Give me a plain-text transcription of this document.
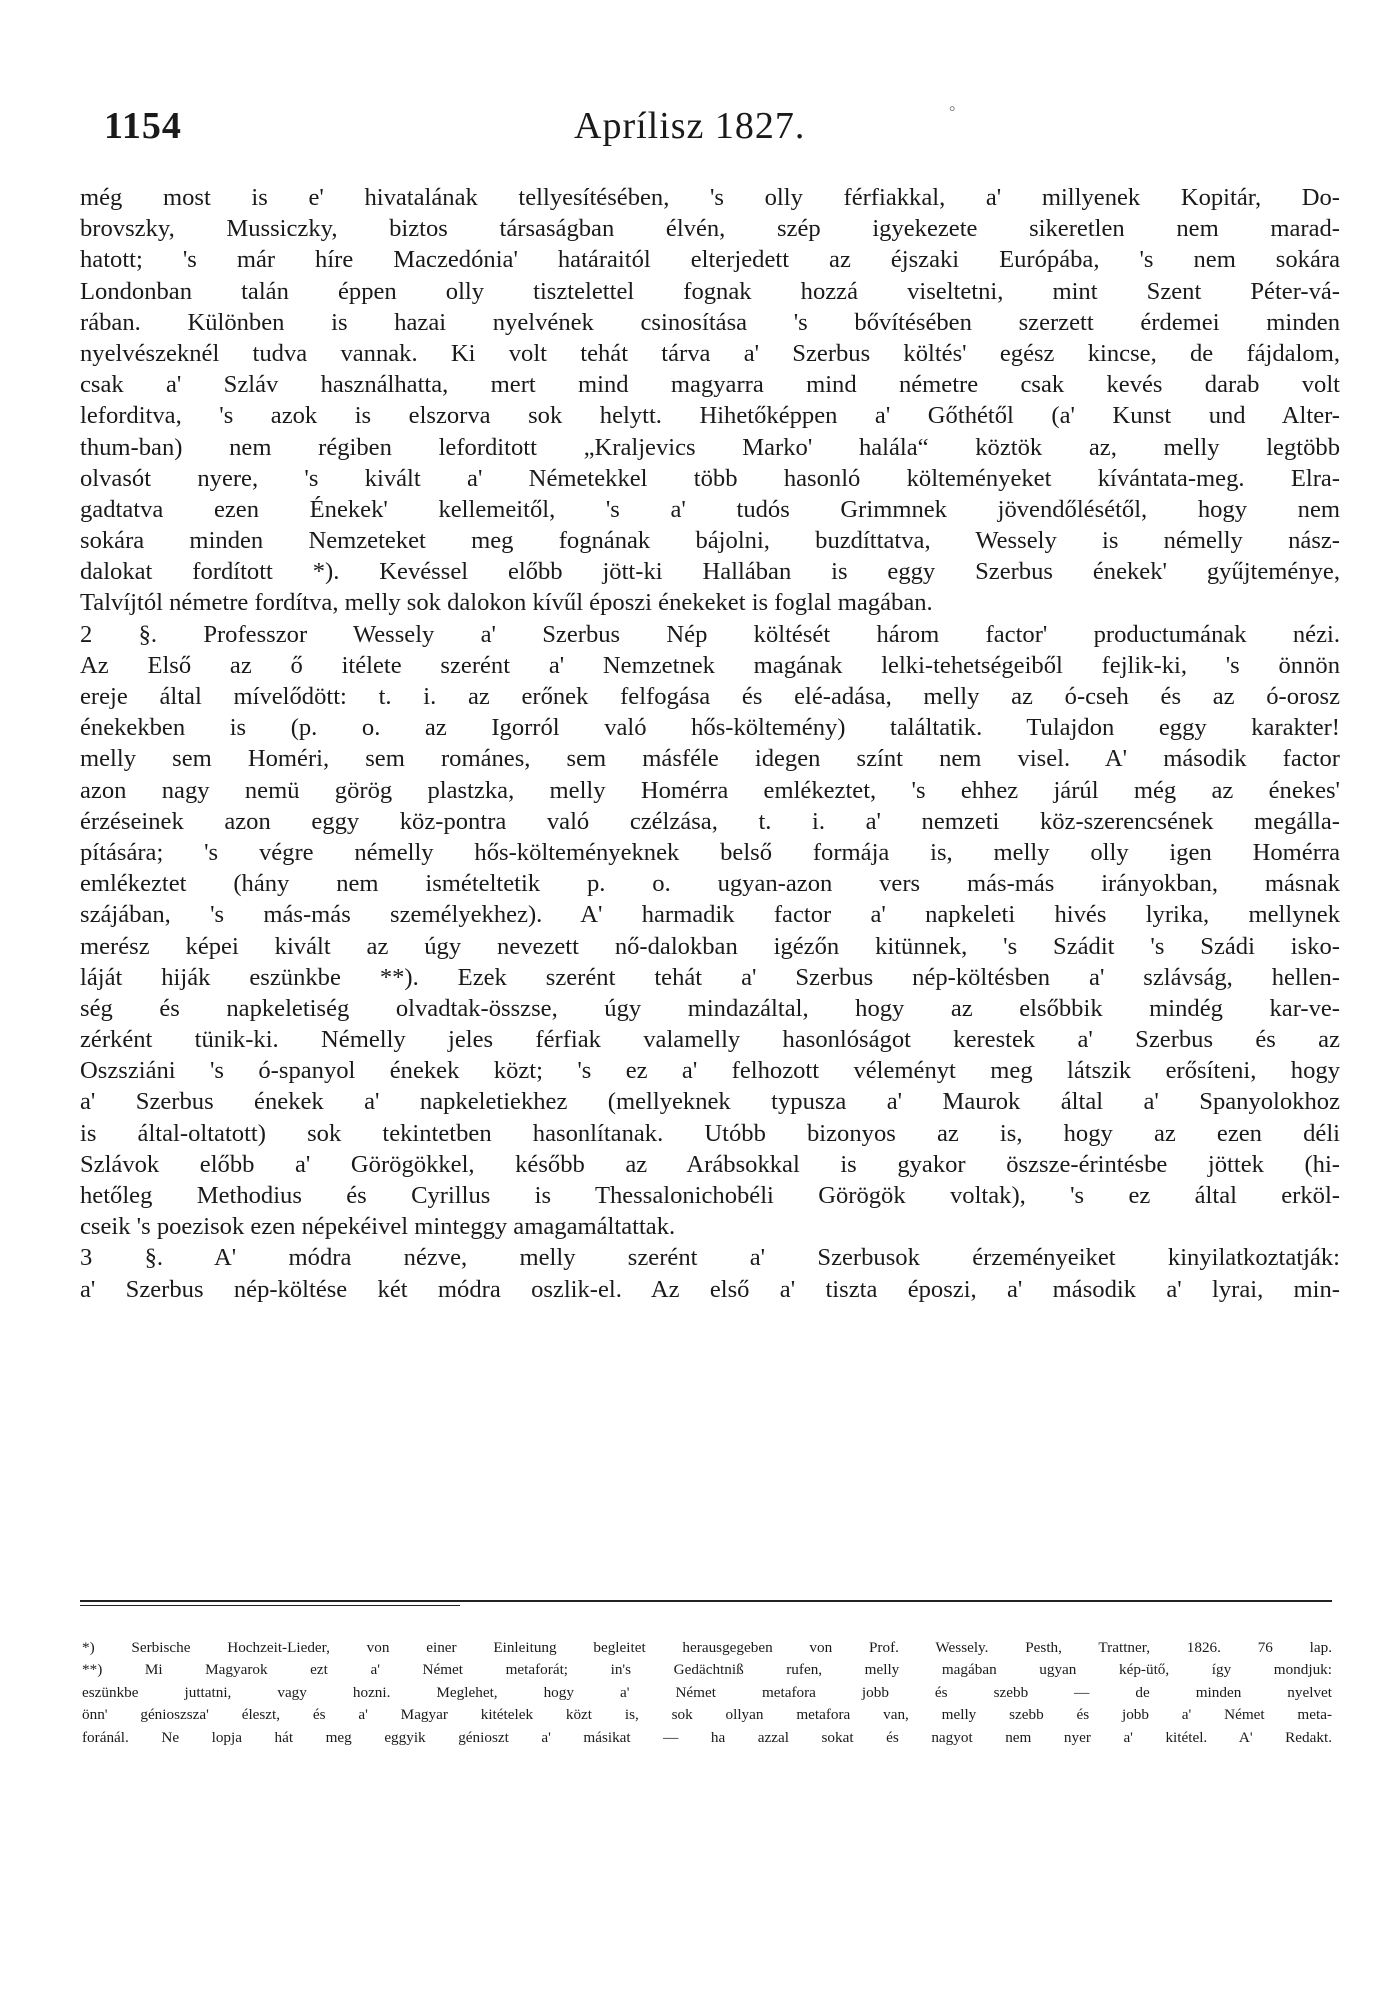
1154	Aprílisz 1827.	°
még most is e' hivatalának tellyesítésében, 's olly férfiakkal, a' millyenek Kopitár, Do-
brovszky, Mussiczky, biztos társaságban élvén, szép igyekezete sikeretlen nem marad-
hatott; 's már híre Maczedónia' határaitól elterjedett az éjszaki Európába, 's nem sokára
Londonban talán éppen olly tisztelettel fognak hozzá viseltetni, mint Szent Péter-vá-
rában. Különben is hazai nyelvének csinosítása 's bővítésében szerzett érdemei minden
nyelvészeknél tudva vannak. Ki volt tehát tárva a' Szerbus költés' egész kincse, de fájdalom,
csak a' Szláv használhatta, mert mind magyarra mind németre csak kevés darab volt
leforditva, 's azok is elszorva sok helytt. Hihetőképpen a' Gőthétől (a' Kunst und Alter-
thum-ban) nem régiben leforditott „Kraljevics Marko' halála“ köztök az, melly legtöbb
olvasót nyere, 's kivált a' Németekkel több hasonló költeményeket kívántata-meg. Elra-
gadtatva ezen Énekek' kellemeitől, 's a' tudós Grimmnek jövendőlésétől, hogy nem
sokára minden Nemzeteket meg fognának bájolni, buzdíttatva, Wessely is némelly nász-
dalokat fordított *). Kevéssel előbb jött-ki Hallában is eggy Szerbus énekek' gyűjteménye,
Talvíjtól németre fordítva, melly sok dalokon kívűl époszi énekeket is foglal magában.
2 §. Professzor Wessely a' Szerbus Nép költését három factor' productumának nézi.
Az Első az ő itélete szerént a' Nemzetnek magának lelki-tehetségeiből fejlik-ki, 's önnön
ereje által mívelődött: t. i. az erőnek felfogása és elé-adása, melly az ó-cseh és az ó-orosz
énekekben is (p. o. az Igorról való hős-költemény) találtatik. Tulajdon eggy karakter!
melly sem Homéri, sem románes, sem másféle idegen színt nem visel. A' második factor
azon nagy nemü görög plastzka, melly Homérra emlékeztet, 's ehhez járúl még az énekes'
érzéseinek azon eggy köz-pontra való czélzása, t. i. a' nemzeti köz-szerencsének megálla-
pítására; 's végre némelly hős-költeményeknek belső formája is, melly olly igen Homérra
emlékeztet (hány nem ismételtetik p. o. ugyan-azon vers más-más irányokban, másnak
szájában, 's más-más személyekhez). A' harmadik factor a' napkeleti hivés lyrika, mellynek
merész képei kivált az úgy nevezett nő-dalokban igézőn kitünnek, 's Szádit 's Szádi isko-
láját hiják eszünkbe **). Ezek szerént tehát a' Szerbus nép-költésben a' szlávság, hellen-
ség és napkeletiség olvadtak-összse, úgy mindazáltal, hogy az elsőbbik mindég kar-ve-
zérként tünik-ki. Némelly jeles férfiak valamelly hasonlóságot kerestek a' Szerbus és az
Oszsziáni 's ó-spanyol énekek közt; 's ez a' felhozott véleményt meg látszik erősíteni, hogy
a' Szerbus énekek a' napkeletiekhez (mellyeknek typusza a' Maurok által a' Spanyolokhoz
is által-oltatott) sok tekintetben hasonlítanak. Utóbb bizonyos az is, hogy az ezen déli
Szlávok előbb a' Görögökkel, később az Arábsokkal is gyakor öszsze-érintésbe jöttek (hi-
hetőleg Methodius és Cyrillus is Thessalonichobéli Görögök voltak), 's ez által erköl-
cseik 's poezisok ezen népekéivel minteggy amagamáltattak.
3 §. A' módra nézve, melly szerént a' Szerbusok érzeményeiket kinyilatkoztatják:
a' Szerbus nép-költése két módra oszlik-el. Az első a' tiszta époszi, a' második a' lyrai, min-
*) Serbische Hochzeit-Lieder, von einer Einleitung begleitet herausgegeben von Prof. Wessely. Pesth, Trattner, 1826. 76 lap.
**) Mi Magyarok ezt a' Német metaforát; in's Gedächtniß rufen, melly magában ugyan kép-ütő, így mondjuk:
eszünkbe juttatni, vagy hozni. Meglehet, hogy a' Német metafora jobb és szebb — de minden nyelvet
önn' génioszsza' éleszt, és a' Magyar kitételek közt is, sok ollyan metafora van, melly szebb és jobb a' Német meta-
foránál. Ne lopja hát meg eggyik génioszt a' másikat — ha azzal sokat és nagyot nem nyer a' kitétel. A' Redakt.
